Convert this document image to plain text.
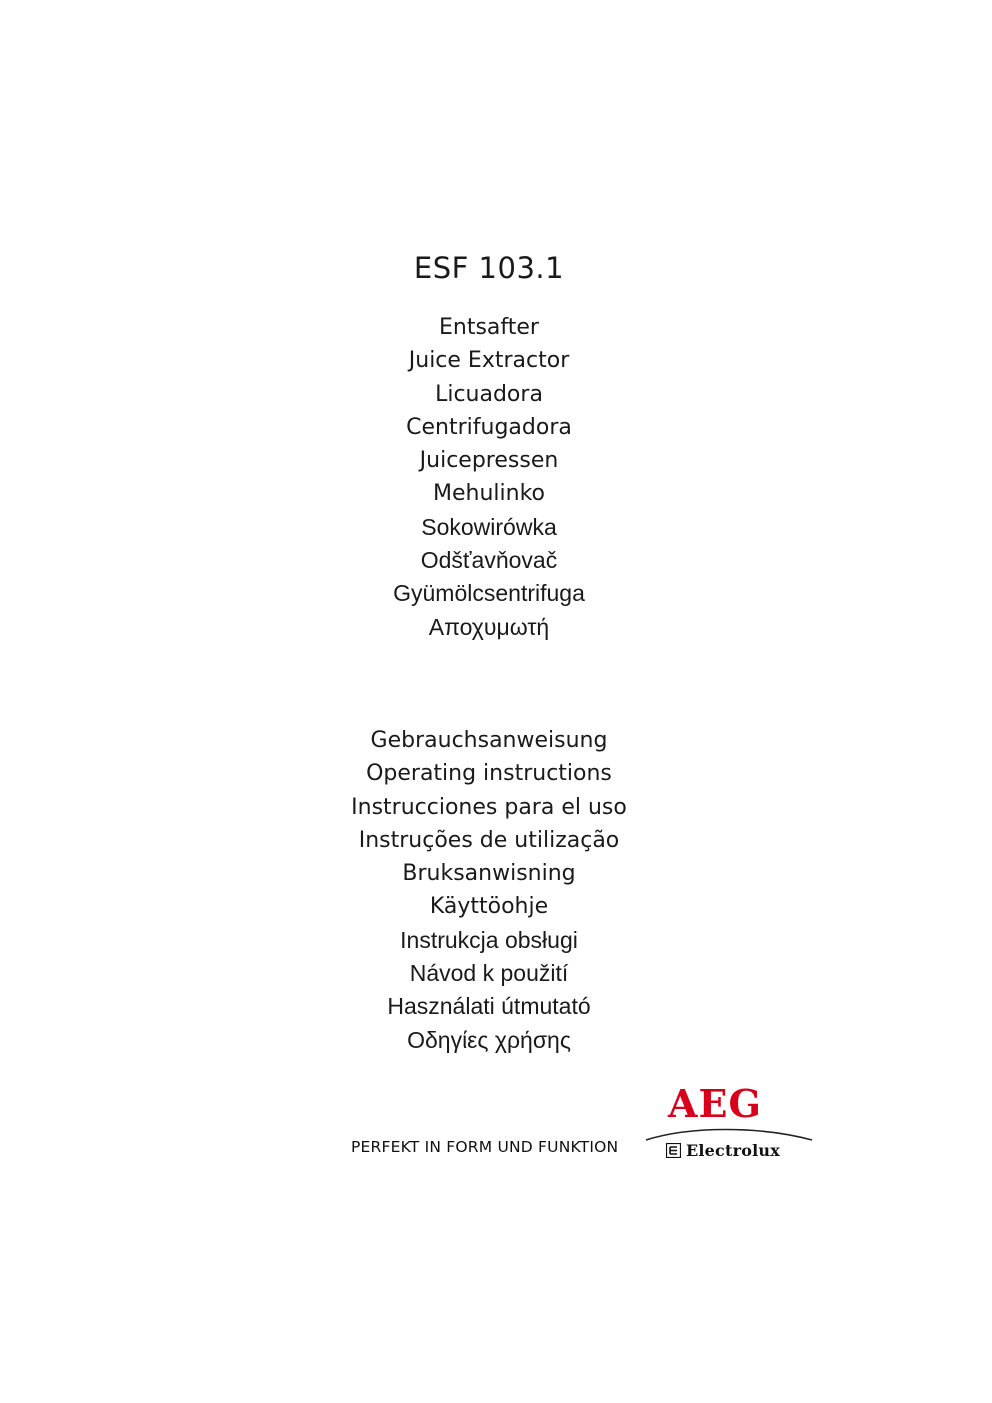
ESF 103.1
Entsafter
Juice Extractor
Licuadora
Centrifugadora
Juicepressen
Mehulinko
Sokowirówka
Odšťavňovač
Gyümölcsentrifuga
Αποχυμωτή
Gebrauchsanweisung
Operating instructions
Instrucciones para el uso
Instruções de utilização
Bruksanwisning
Käyttöohje
Instrukcja obsługi
Návod k použití
Használati útmutató
Οδηγίες χρήσης
PERFEKT IN FORM UND FUNKTION
AEG
Electrolux
